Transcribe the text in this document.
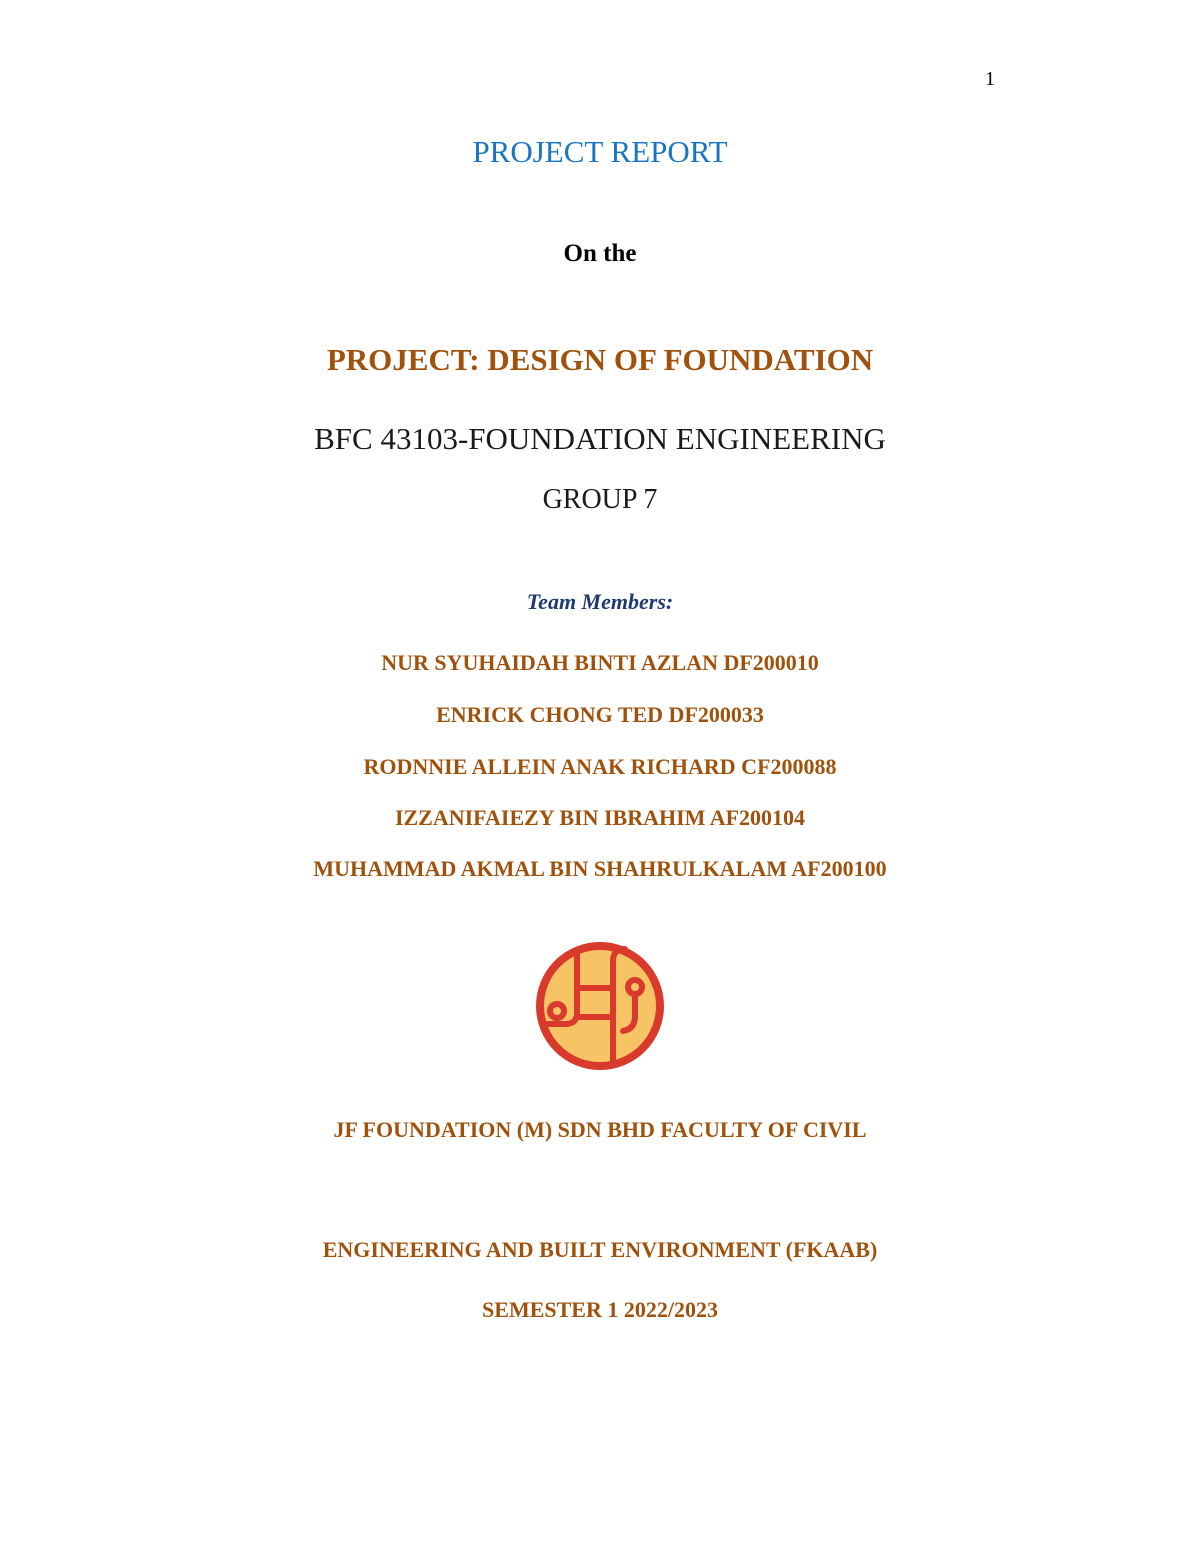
1
PROJECT REPORT
On the
PROJECT: DESIGN OF FOUNDATION
BFC 43103-FOUNDATION ENGINEERING
GROUP 7
Team Members:
NUR SYUHAIDAH BINTI AZLAN DF200010
ENRICK CHONG TED DF200033
RODNNIE ALLEIN ANAK RICHARD CF200088
IZZANIFAIEZY BIN IBRAHIM AF200104
MUHAMMAD AKMAL BIN SHAHRULKALAM AF200100
JF FOUNDATION (M) SDN BHD FACULTY OF CIVIL
ENGINEERING AND BUILT ENVIRONMENT (FKAAB)
SEMESTER 1 2022/2023
